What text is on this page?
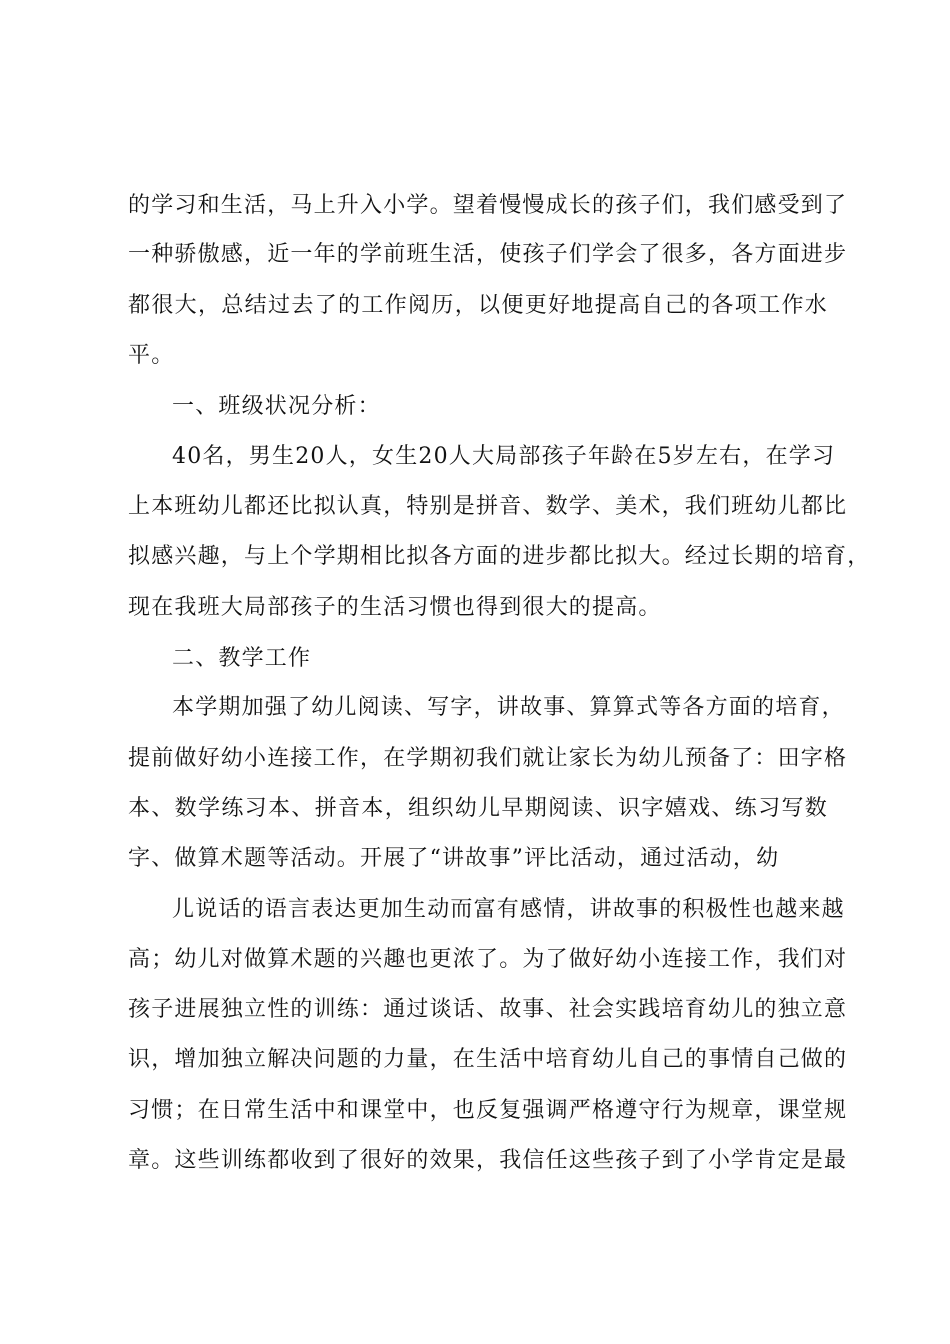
的学习和生活，马上升入小学。望着慢慢成长的孩子们，我们感受到了
一种骄傲感，近一年的学前班生活，使孩子们学会了很多，各方面进步
都很大，总结过去了的工作阅历，以便更好地提高自己的各项工作水
平。
一、班级状况分析：
40名，男生20人，女生20人大局部孩子年龄在5岁左右，在学习
上本班幼儿都还比拟认真，特别是拼音、数学、美术，我们班幼儿都比
拟感兴趣，与上个学期相比拟各方面的进步都比拟大。经过长期的培育，
现在我班大局部孩子的生活习惯也得到很大的提高。
二、教学工作
本学期加强了幼儿阅读、写字，讲故事、算算式等各方面的培育，
提前做好幼小连接工作，在学期初我们就让家长为幼儿预备了：田字格
本、数学练习本、拼音本，组织幼儿早期阅读、识字嬉戏、练习写数
字、做算术题等活动。开展了“讲故事”评比活动，通过活动，幼
儿说话的语言表达更加生动而富有感情，讲故事的积极性也越来越
高；幼儿对做算术题的兴趣也更浓了。为了做好幼小连接工作，我们对
孩子进展独立性的训练：通过谈话、故事、社会实践培育幼儿的独立意
识，增加独立解决问题的力量，在生活中培育幼儿自己的事情自己做的
习惯；在日常生活中和课堂中，也反复强调严格遵守行为规章，课堂规
章。这些训练都收到了很好的效果，我信任这些孩子到了小学肯定是最
